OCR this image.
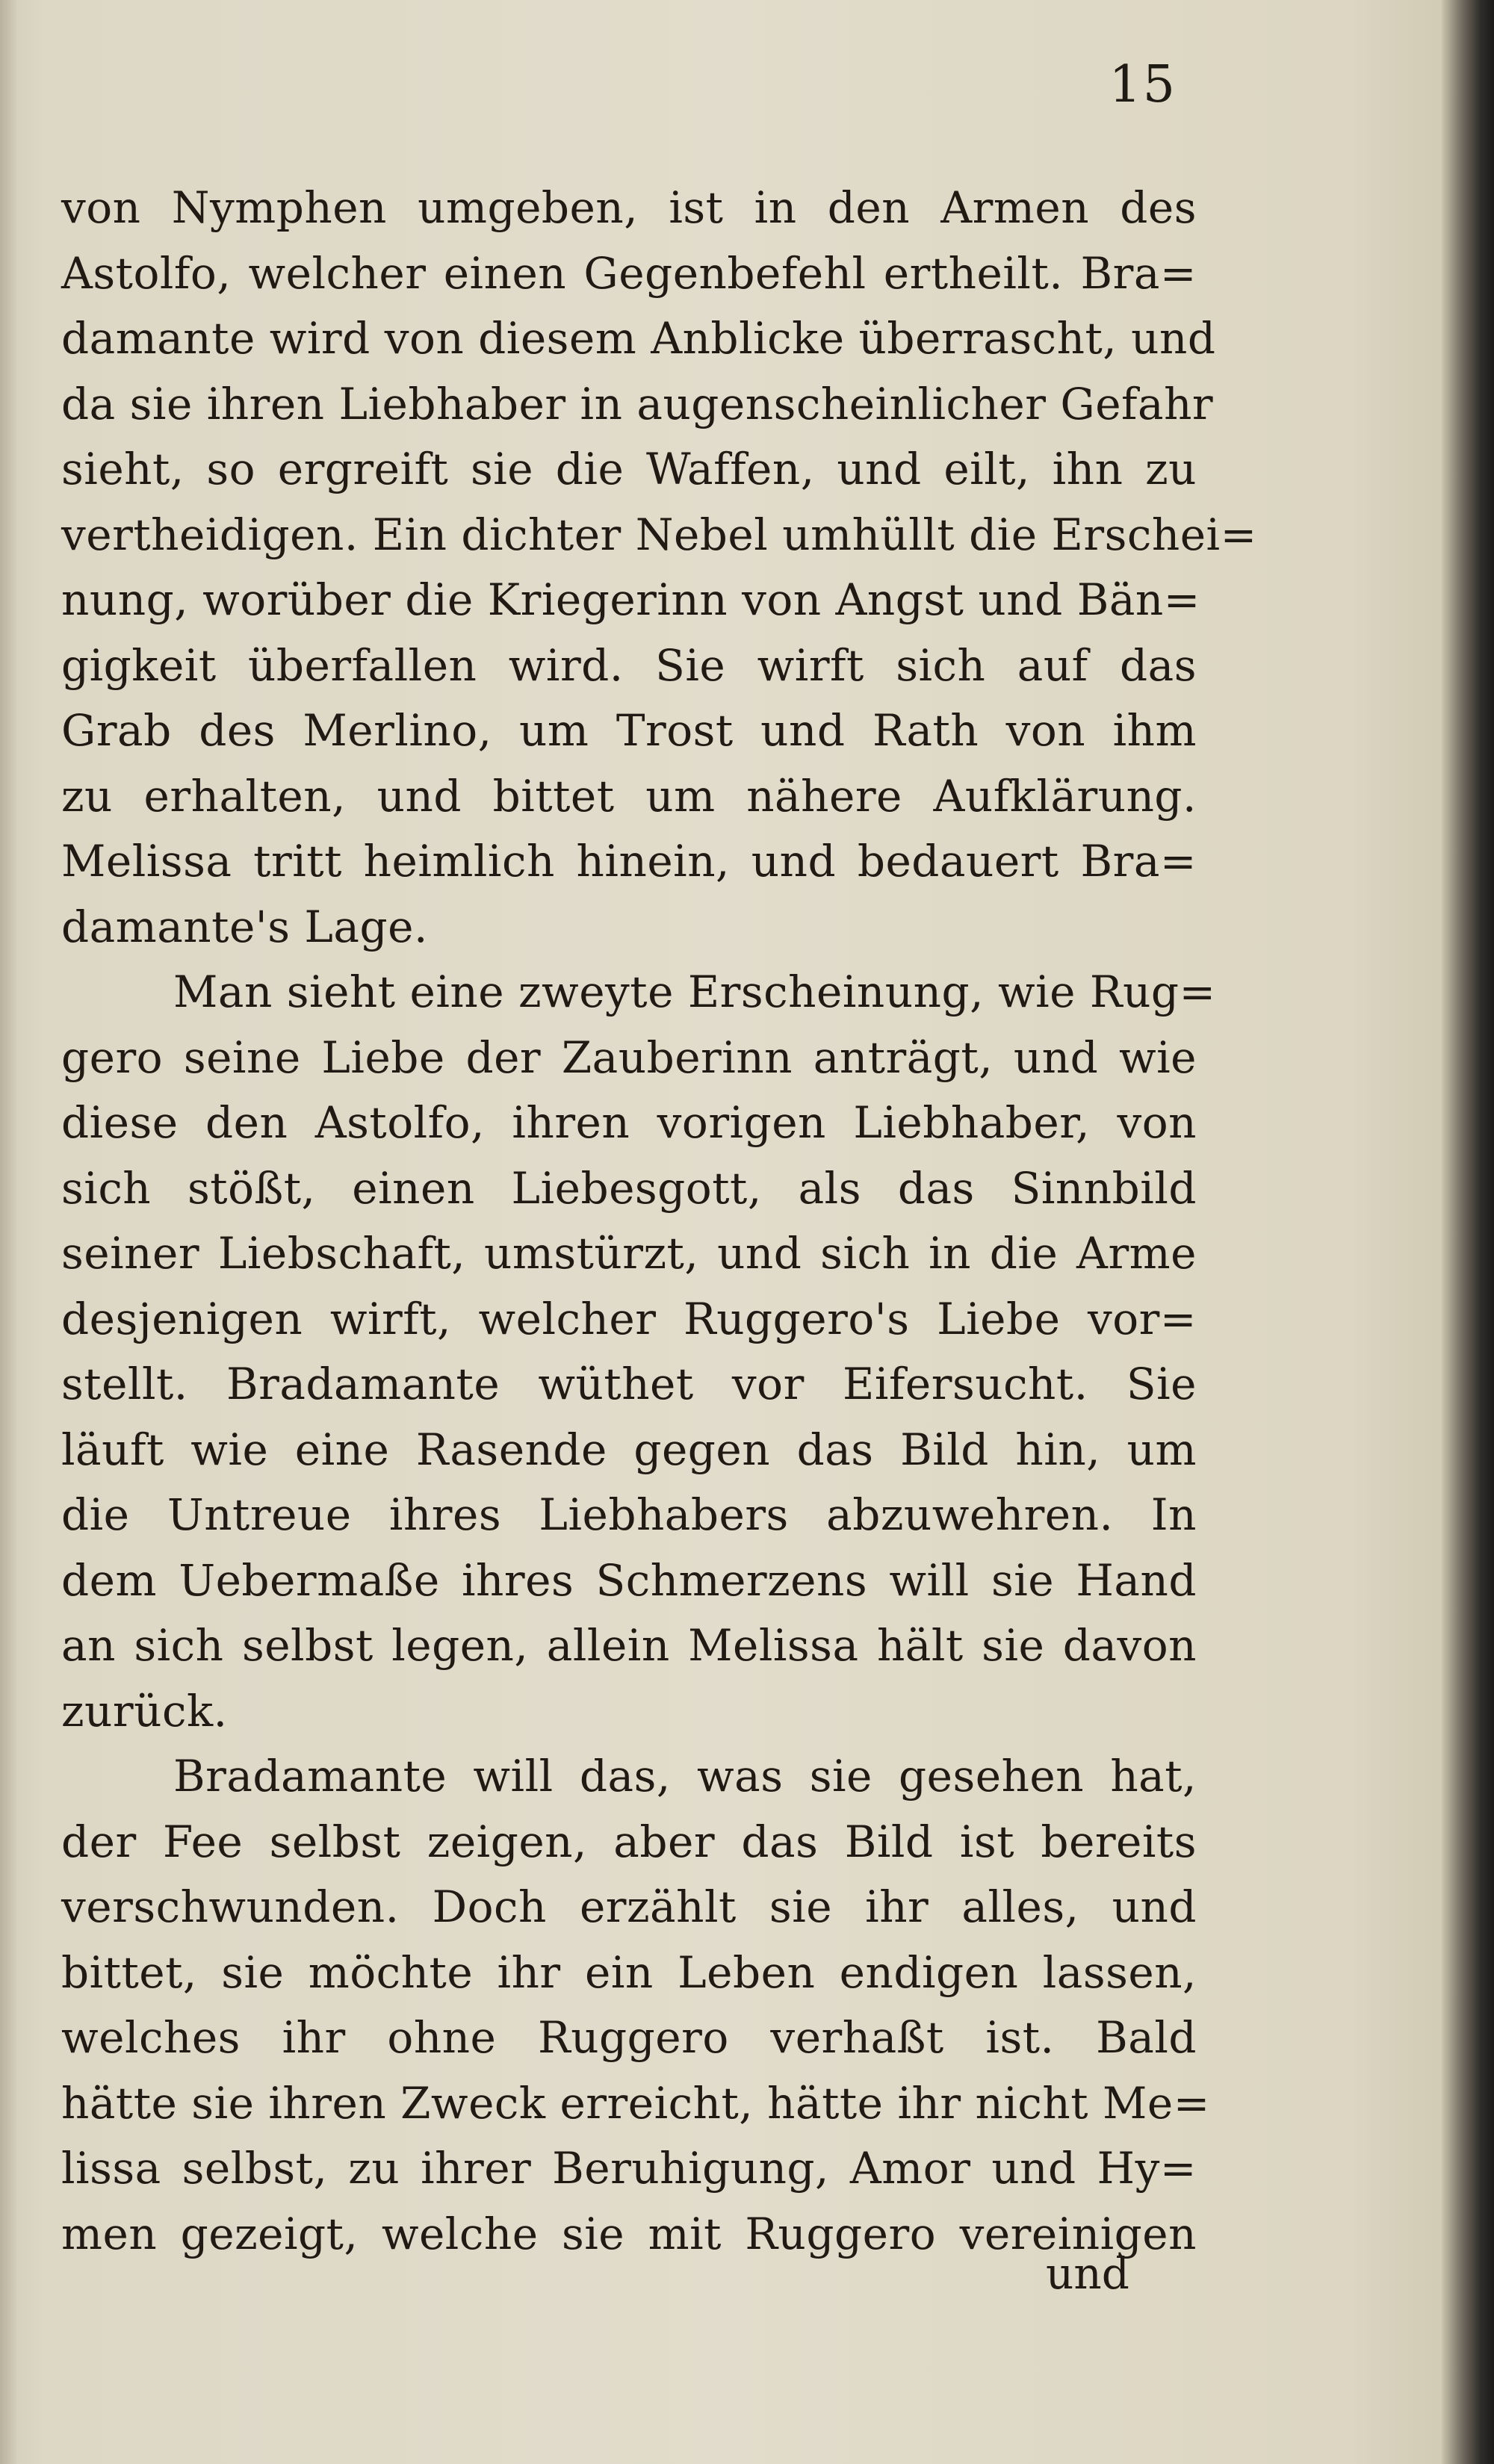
15
von Nymphen umgeben, ist in den Armen des
Astolfo, welcher einen Gegenbefehl ertheilt. Bra=
damante wird von diesem Anblicke überrascht, und
da sie ihren Liebhaber in augenscheinlicher Gefahr
sieht, so ergreift sie die Waffen, und eilt, ihn zu
vertheidigen. Ein dichter Nebel umhüllt die Erschei=
nung, worüber die Kriegerinn von Angst und Bän=
gigkeit überfallen wird. Sie wirft sich auf das
Grab des Merlino, um Trost und Rath von ihm
zu erhalten, und bittet um nähere Aufklärung.
Melissa tritt heimlich hinein, und bedauert Bra=
damante's Lage.
Man sieht eine zweyte Erscheinung, wie Rug=
gero seine Liebe der Zauberinn anträgt, und wie
diese den Astolfo, ihren vorigen Liebhaber, von
sich stößt, einen Liebesgott, als das Sinnbild
seiner Liebschaft, umstürzt, und sich in die Arme
desjenigen wirft, welcher Ruggero's Liebe vor=
stellt. Bradamante wüthet vor Eifersucht. Sie
läuft wie eine Rasende gegen das Bild hin, um
die Untreue ihres Liebhabers abzuwehren. In
dem Uebermaße ihres Schmerzens will sie Hand
an sich selbst legen, allein Melissa hält sie davon
zurück.
Bradamante will das, was sie gesehen hat,
der Fee selbst zeigen, aber das Bild ist bereits
verschwunden. Doch erzählt sie ihr alles, und
bittet, sie möchte ihr ein Leben endigen lassen,
welches ihr ohne Ruggero verhaßt ist. Bald
hätte sie ihren Zweck erreicht, hätte ihr nicht Me=
lissa selbst, zu ihrer Beruhigung, Amor und Hy=
men gezeigt, welche sie mit Ruggero vereinigen
und
